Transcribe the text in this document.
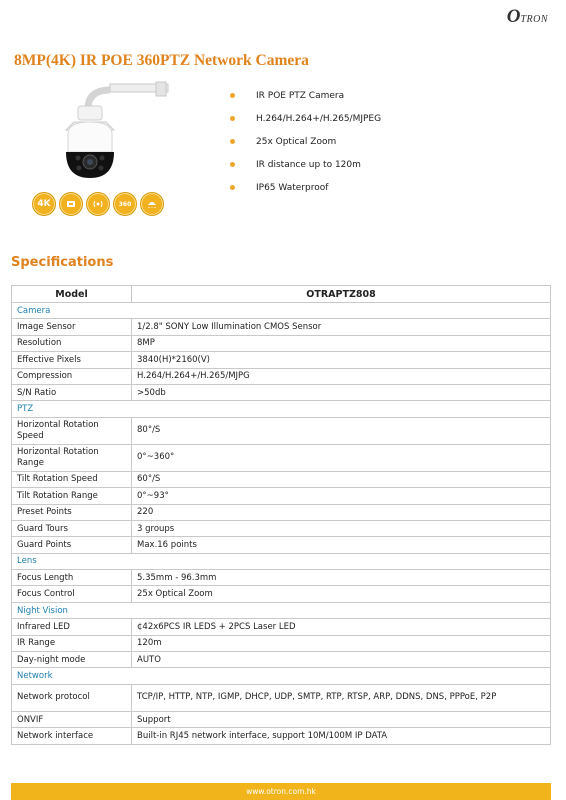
OTRON
8MP(4K) IR POE 360PTZ Network Camera
4K	360
IR POE PTZ Camera
H.264/H.264+/H.265/MJPEG
25x Optical Zoom
IR distance up to 120m
IP65 Waterproof
Specifications
Model	OTRAPTZ808
Camera	
Image Sensor	1/2.8" SONY Low Illumination CMOS Sensor
Resolution	8MP
Effective Pixels	3840(H)*2160(V)
Compression	H.264/H.264+/H.265/MJPG
S/N Ratio	>50db
PTZ	
Horizontal Rotation Speed	80°/S
Horizontal Rotation Range	0°~360°
Tilt Rotation Speed	60°/S
Tilt Rotation Range	0°~93°
Preset Points	220
Guard Tours	3 groups
Guard Points	Max.16 points
Lens	
Focus Length	5.35mm - 96.3mm
Focus Control	25x Optical Zoom
Night Vision	
Infrared LED	¢42x6PCS IR LEDS + 2PCS Laser LED
IR Range	120m
Day-night mode	AUTO
Network	
Network protocol	TCP/IP, HTTP, NTP, IGMP, DHCP, UDP, SMTP, RTP, RTSP, ARP, DDNS, DNS, PPPoE, P2P
ONVIF	Support
Network interface	Built-in RJ45 network interface, support 10M/100M IP DATA
www.otron.com.hk
